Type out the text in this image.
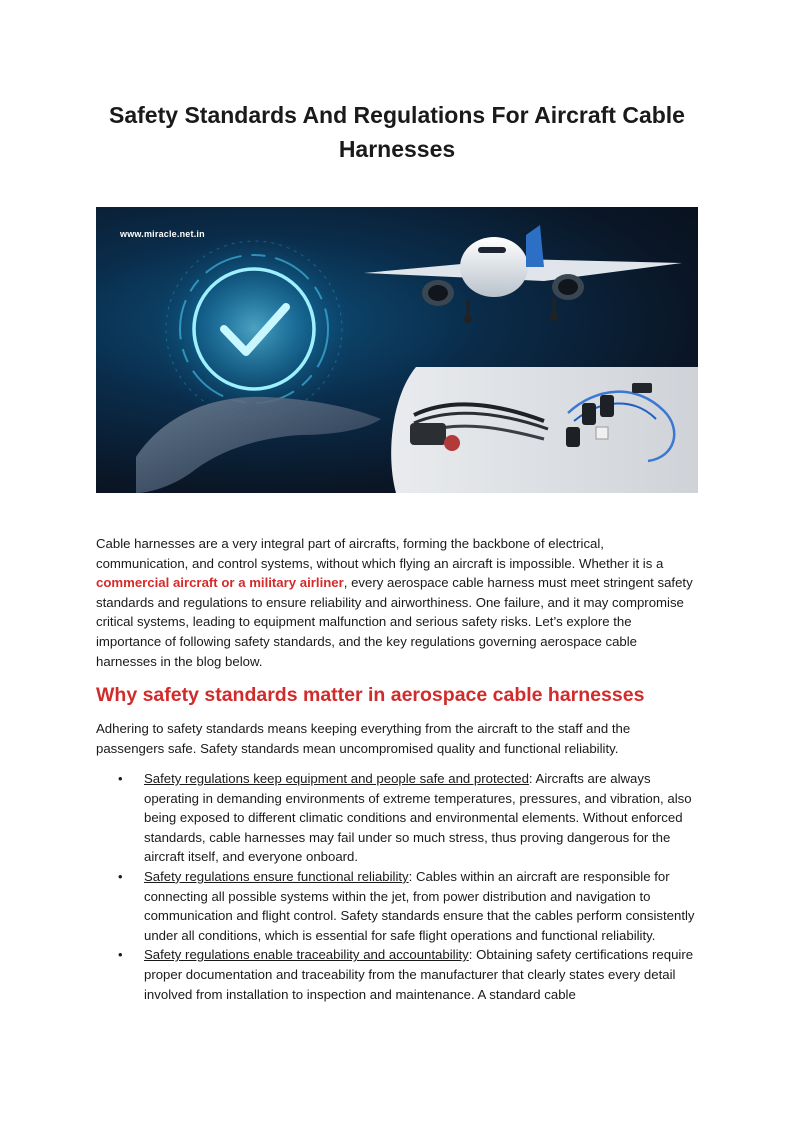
Safety Standards And Regulations For Aircraft Cable Harnesses
www.miracle.net.in

Cable harnesses are a very integral part of aircrafts, forming the backbone of electrical, communication, and control systems, without which flying an aircraft is impossible. Whether it is a commercial aircraft or a military airliner, every aerospace cable harness must meet stringent safety standards and regulations to ensure reliability and airworthiness. One failure, and it may compromise critical systems, leading to equipment malfunction and serious safety risks. Let’s explore the importance of following safety standards, and the key regulations governing aerospace cable harnesses in the blog below.

Why safety standards matter in aerospace cable harnesses

Adhering to safety standards means keeping everything from the aircraft to the staff and the passengers safe. Safety standards mean uncompromised quality and functional reliability.

• Safety regulations keep equipment and people safe and protected: Aircrafts are always operating in demanding environments of extreme temperatures, pressures, and vibration, also being exposed to different climatic conditions and environmental elements. Without enforced standards, cable harnesses may fail under so much stress, thus proving dangerous for the aircraft itself, and everyone onboard.
• Safety regulations ensure functional reliability: Cables within an aircraft are responsible for connecting all possible systems within the jet, from power distribution and navigation to communication and flight control. Safety standards ensure that the cables perform consistently under all conditions, which is essential for safe flight operations and functional reliability.
• Safety regulations enable traceability and accountability: Obtaining safety certifications require proper documentation and traceability from the manufacturer that clearly states every detail involved from installation to inspection and maintenance. A standard cable
